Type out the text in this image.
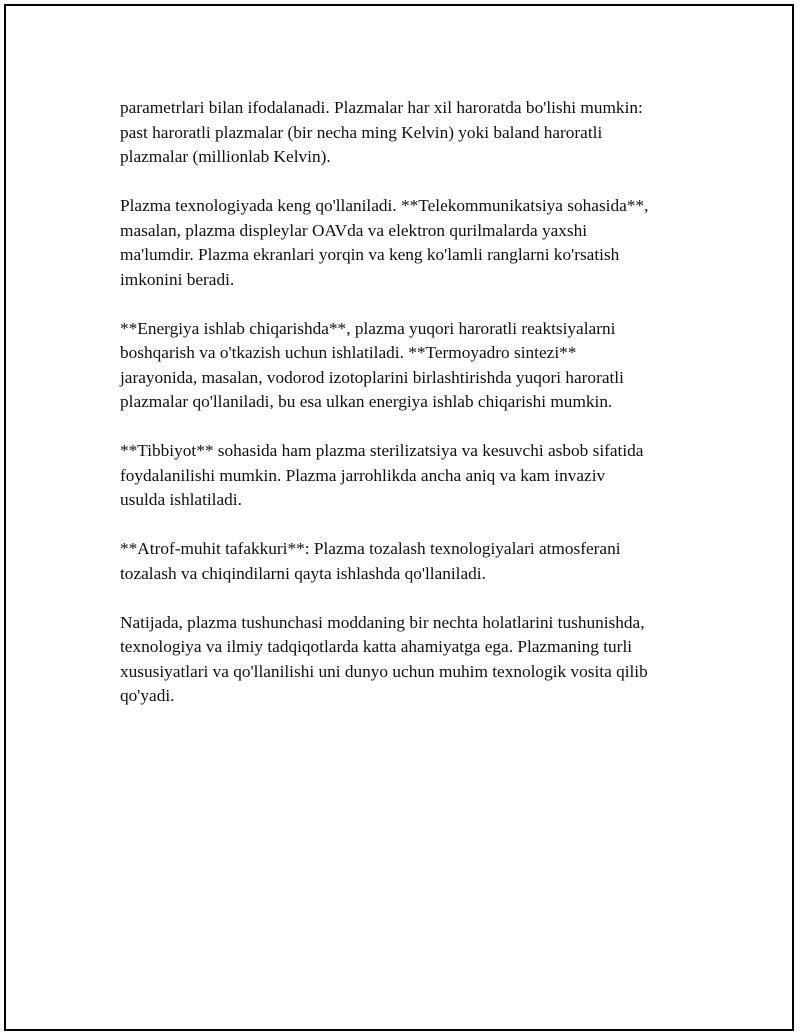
parametrlari bilan ifodalanadi. Plazmalar har xil haroratda bo'lishi mumkin:
past haroratli plazmalar (bir necha ming Kelvin) yoki baland haroratli
plazmalar (millionlab Kelvin).

Plazma texnologiyada keng qo'llaniladi. **Telekommunikatsiya sohasida**,
masalan, plazma displeylar OAVda va elektron qurilmalarda yaxshi
ma'lumdir. Plazma ekranlari yorqin va keng ko'lamli ranglarni ko'rsatish
imkonini beradi.

**Energiya ishlab chiqarishda**, plazma yuqori haroratli reaktsiyalarni
boshqarish va o'tkazish uchun ishlatiladi. **Termoyadro sintezi**
jarayonida, masalan, vodorod izotoplarini birlashtirishda yuqori haroratli
plazmalar qo'llaniladi, bu esa ulkan energiya ishlab chiqarishi mumkin.

**Tibbiyot** sohasida ham plazma sterilizatsiya va kesuvchi asbob sifatida
foydalanilishi mumkin. Plazma jarrohlikda ancha aniq va kam invaziv
usulda ishlatiladi.

**Atrof-muhit tafakkuri**: Plazma tozalash texnologiyalari atmosferani
tozalash va chiqindilarni qayta ishlashda qo'llaniladi.

Natijada, plazma tushunchasi moddaning bir nechta holatlarini tushunishda,
texnologiya va ilmiy tadqiqotlarda katta ahamiyatga ega. Plazmaning turli
xususiyatlari va qo'llanilishi uni dunyo uchun muhim texnologik vosita qilib
qo'yadi.
